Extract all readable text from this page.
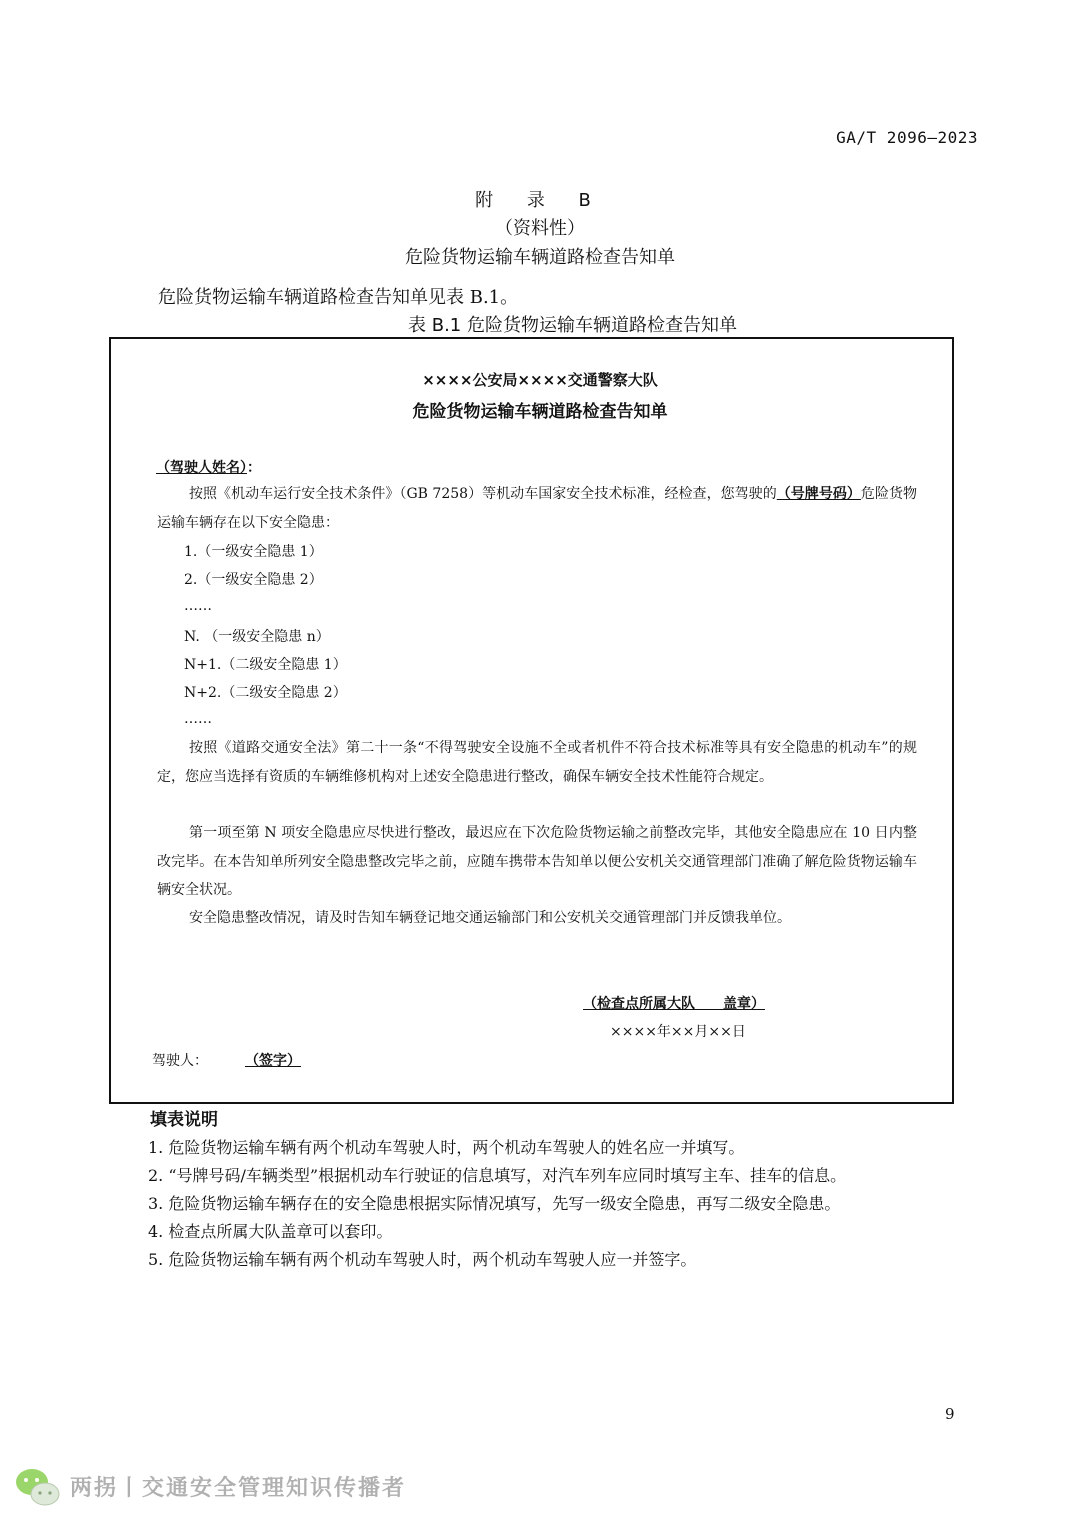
GA/T 2096—2023
附 录 B
（资料性）
危险货物运输车辆道路检查告知单
危险货物运输车辆道路检查告知单见表 B.1。
表 B.1 危险货物运输车辆道路检查告知单
××××公安局××××交通警察大队
危险货物运输车辆道路检查告知单
（驾驶人姓名）：
按照《机动车运行安全技术条件》（GB 7258）等机动车国家安全技术标准，经检查，您驾驶的（号牌号码）危险货物运输车辆存在以下安全隐患：
1.（一级安全隐患 1）
2.（一级安全隐患 2）
……
N. （一级安全隐患 n）
N+1.（二级安全隐患 1）
N+2.（二级安全隐患 2）
……
按照《道路交通安全法》第二十一条“不得驾驶安全设施不全或者机件不符合技术标准等具有安全隐患的机动车”的规定，您应当选择有资质的车辆维修机构对上述安全隐患进行整改，确保车辆安全技术性能符合规定。
第一项至第 N 项安全隐患应尽快进行整改，最迟应在下次危险货物运输之前整改完毕，其他安全隐患应在 10 日内整改完毕。在本告知单所列安全隐患整改完毕之前，应随车携带本告知单以便公安机关交通管理部门准确了解危险货物运输车辆安全状况。
安全隐患整改情况，请及时告知车辆登记地交通运输部门和公安机关交通管理部门并反馈我单位。
（检查点所属大队　　盖章）
××××年××月××日
驾驶人：	（签字）
填表说明
1. 危险货物运输车辆有两个机动车驾驶人时，两个机动车驾驶人的姓名应一并填写。
2. “号牌号码/车辆类型”根据机动车行驶证的信息填写，对汽车列车应同时填写主车、挂车的信息。
3. 危险货物运输车辆存在的安全隐患根据实际情况填写，先写一级安全隐患，再写二级安全隐患。
4. 检查点所属大队盖章可以套印。
5. 危险货物运输车辆有两个机动车驾驶人时，两个机动车驾驶人应一并签字。
9
两拐丨交通安全管理知识传播者
